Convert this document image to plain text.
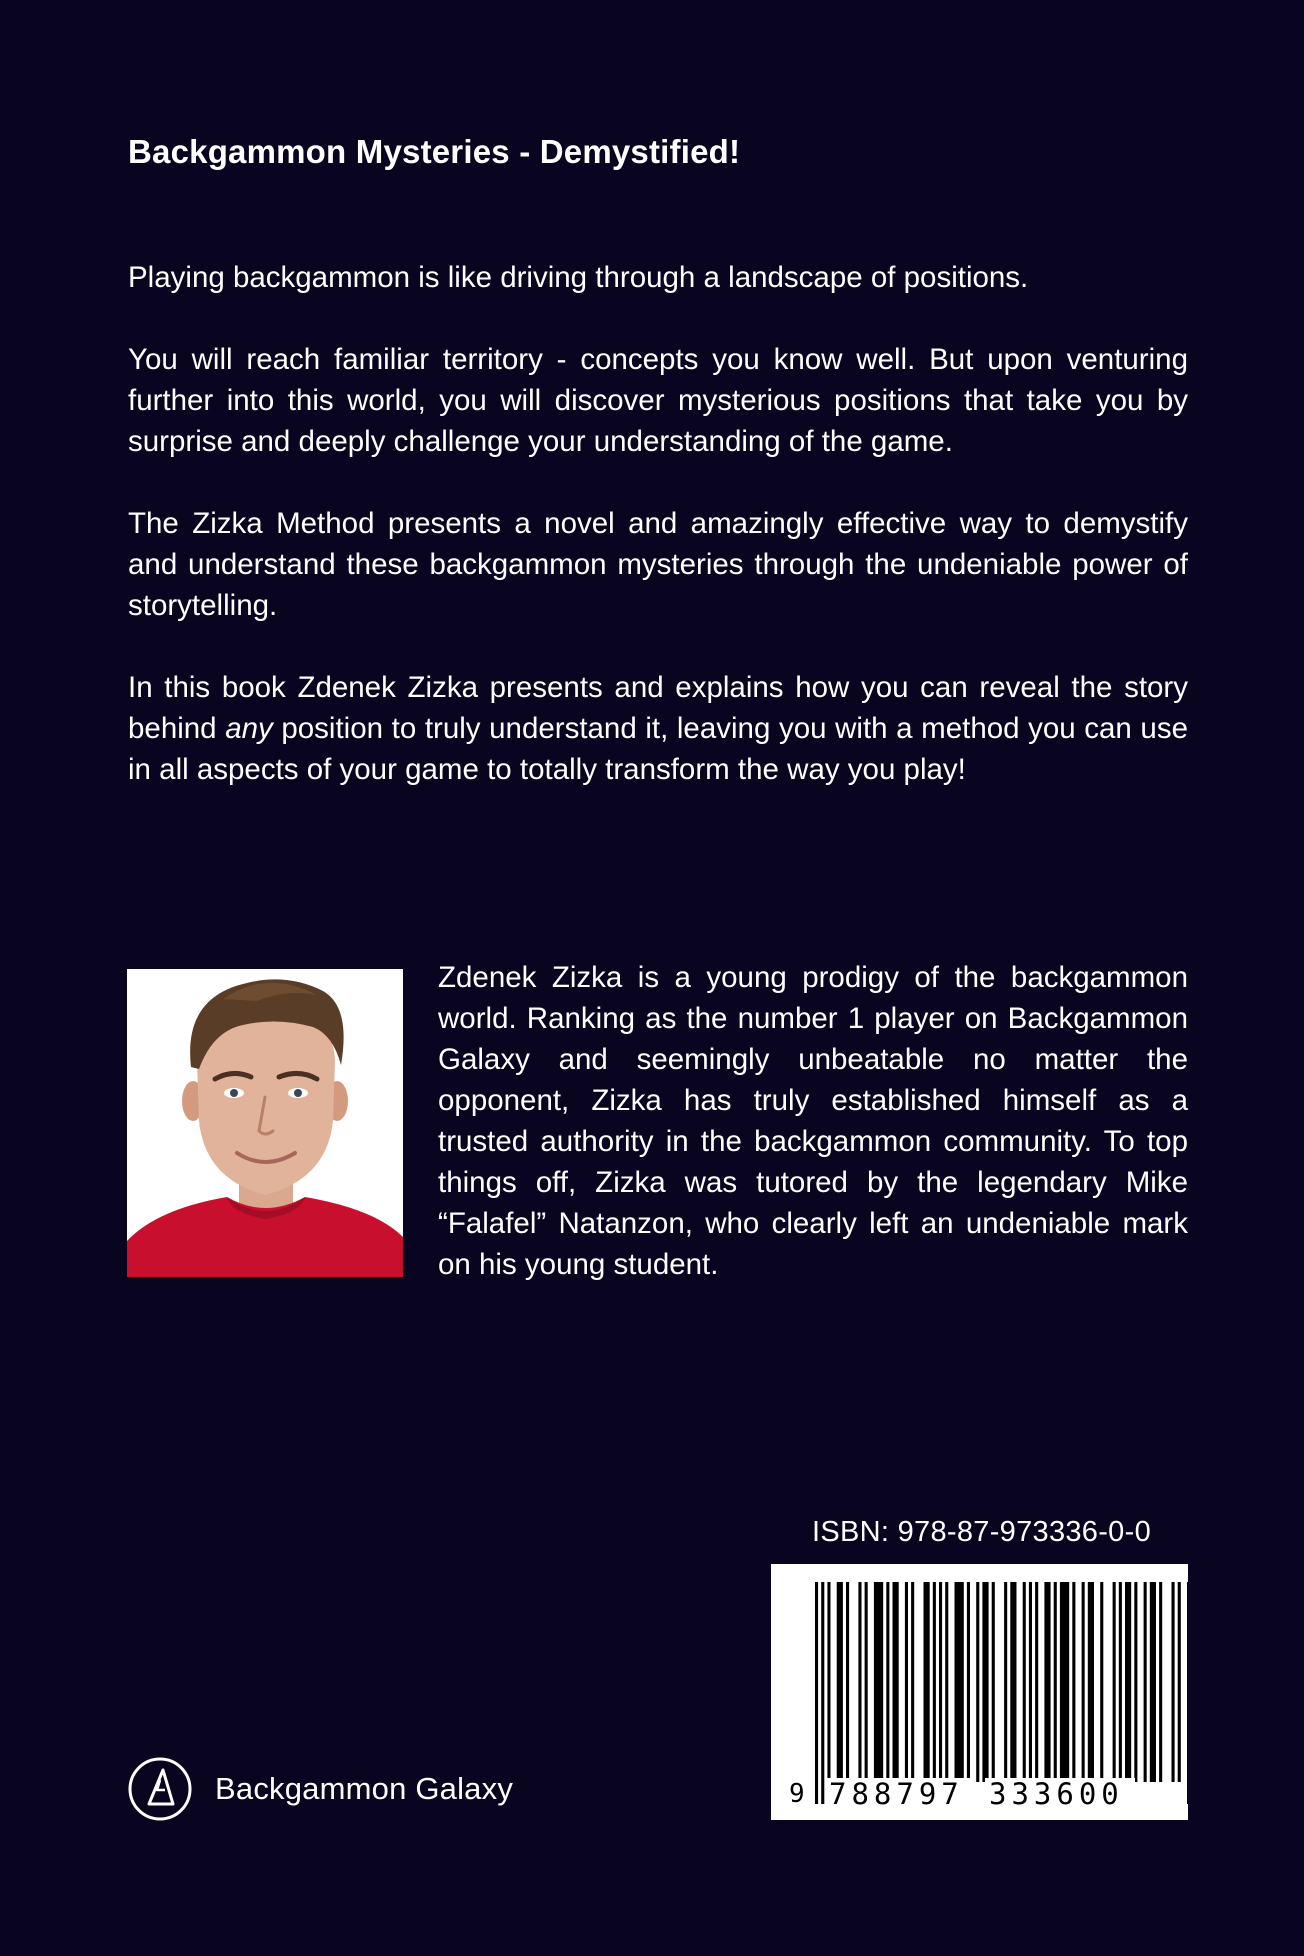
Backgammon Mysteries - Demystified!

Playing backgammon is like driving through a landscape of positions.

You will reach familiar territory - concepts you know well. But upon venturing further into this world, you will discover mysterious positions that take you by surprise and deeply challenge your understanding of the game.

The Zizka Method presents a novel and amazingly effective way to demystify and understand these backgammon mysteries through the undeniable power of storytelling.

In this book Zdenek Zizka presents and explains how you can reveal the story behind any position to truly understand it, leaving you with a method you can use in all aspects of your game to totally transform the way you play!

Zdenek Zizka is a young prodigy of the backgammon world. Ranking as the number 1 player on Backgammon Galaxy and seemingly unbeatable no matter the opponent, Zizka has truly established himself as a trusted authority in the backgammon community. To top things off, Zizka was tutored by the legendary Mike “Falafel” Natanzon, who clearly left an undeniable mark on his young student.

ISBN: 978-87-973336-0-0
9 788797 333600
Backgammon Galaxy
